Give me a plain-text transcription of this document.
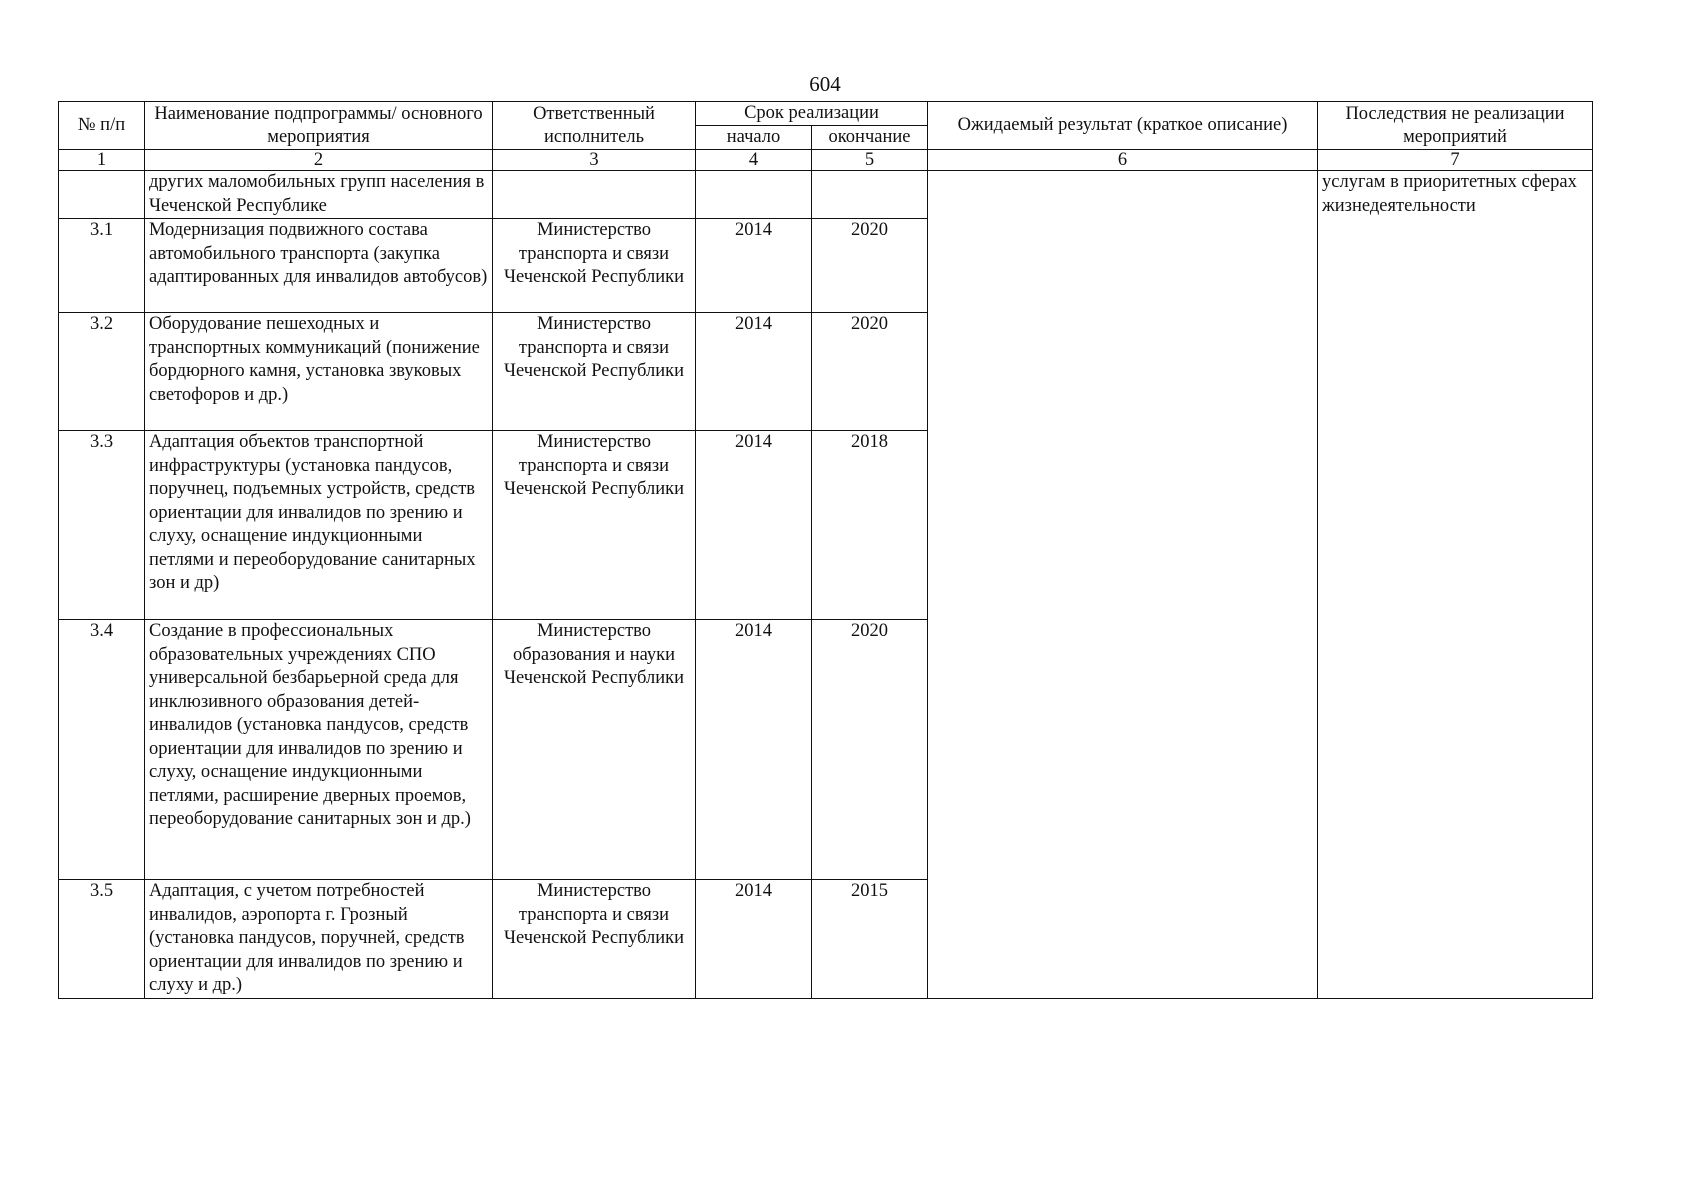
604
№ п/п	Наименование подпрограммы/ основного мероприятия	Ответственный исполнитель	Срок реализации		Ожидаемый результат (краткое описание)	Последствия не реализации мероприятий
			начало	окончание		
1	2	3	4	5	6	7
	других маломобильных групп населения в Чеченской Республике					услугам в приоритетных сферах жизнедеятельности
3.1	Модернизация подвижного состава автомобильного транспорта (закупка адаптированных для инвалидов автобусов)	Министерство транспорта и связи Чеченской Республики	2014	2020		
3.2	Оборудование пешеходных и транспортных коммуникаций (понижение бордюрного камня, установка звуковых светофоров и др.)	Министерство транспорта и связи Чеченской Республики	2014	2020		
3.3	Адаптация объектов транспортной инфраструктуры (установка пандусов, поручнец, подъемных устройств, средств ориентации для инвалидов по зрению и слуху, оснащение индукционными петлями и переоборудование санитарных зон и др)	Министерство транспорта и связи Чеченской Республики	2014	2018		
3.4	Создание в профессиональных образовательных учреждениях СПО универсальной безбарьерной среда для инклюзивного образования детей-инвалидов (установка пандусов, средств ориентации для инвалидов по зрению и слуху, оснащение индукционными петлями, расширение дверных проемов, переоборудование санитарных зон и др.)	Министерство образования и науки Чеченской Республики	2014	2020		
3.5	Адаптация, с учетом потребностей инвалидов, аэропорта г. Грозный (установка пандусов, поручней, средств ориентации для инвалидов по зрению и слуху и др.)	Министерство транспорта и связи Чеченской Республики	2014	2015		
